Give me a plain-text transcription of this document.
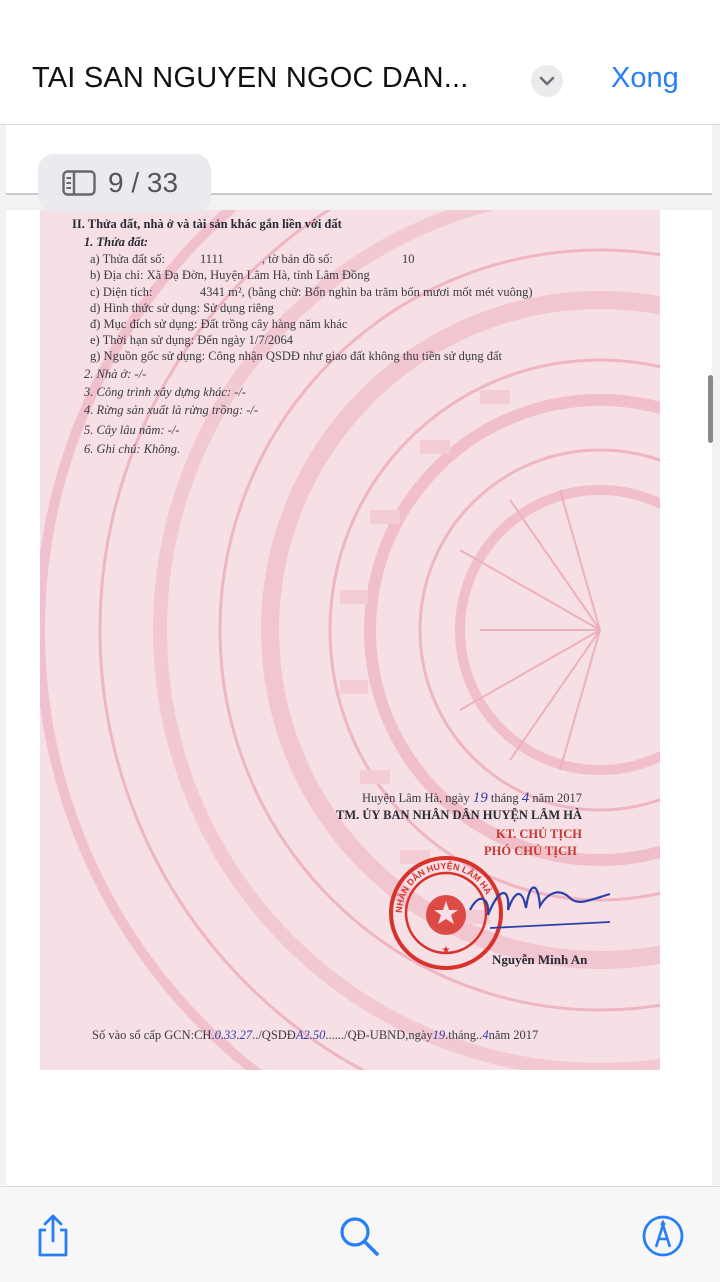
TAI SAN NGUYEN NGOC DAN...	Xong
II. Thửa đất, nhà ở và tài sản khác gắn liền với đất
1. Thửa đất:
a) Thửa đất số:	1111	, tờ bản đồ số:	10
b) Địa chỉ: Xã Đạ Đờn, Huyện Lâm Hà, tỉnh Lâm Đồng
c) Diện tích:	4341 m², (bằng chữ: Bốn nghìn ba trăm bốn mươi mốt mét vuông)
d) Hình thức sử dụng: Sử dụng riêng
đ) Mục đích sử dụng: Đất trồng cây hàng năm khác
e) Thời hạn sử dụng: Đến ngày 1/7/2064
g) Nguồn gốc sử dụng: Công nhận QSDĐ như giao đất không thu tiền sử dụng đất
2. Nhà ở: -/-
3. Công trình xây dựng khác: -/-
4. Rừng sản xuất là rừng trồng: -/-
5. Cây lâu năm: -/-
6. Ghi chú: Không.
Huyện Lâm Hà, ngày 19 tháng 4 năm 2017
TM. ỦY BAN NHÂN DÂN HUYỆN LÂM HÀ
KT. CHỦ TỊCH
PHÓ CHỦ TỊCH
NHÂN DÂN HUYỆN LÂM HÀ
★
Nguyễn Minh An
Số vào sổ cấp GCN:CH.0.33.27../QSDĐA2.50....../QĐ-UBND,ngày19.tháng..4năm 2017
9 / 33
